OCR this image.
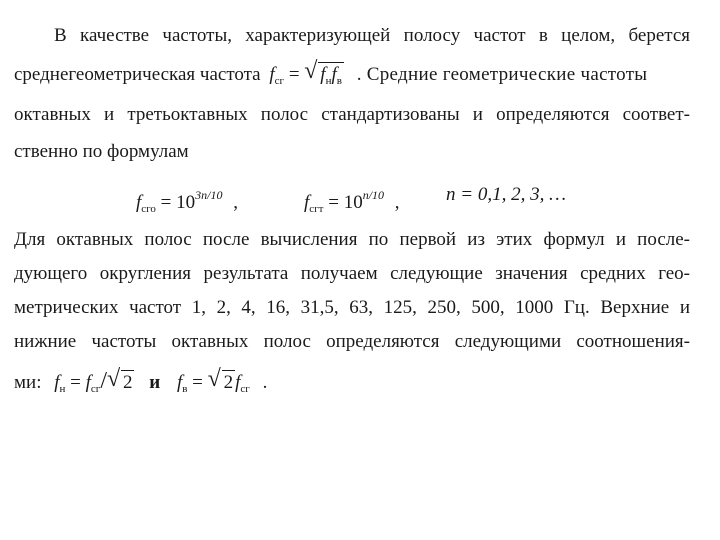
В качестве частоты, характеризующей полосу частот в целом, берется
среднегеометрическая частота $f_{сг}$ = √ $f_нf_в$ . Средние геометрические частоты
октавных и третьоктавных полос стандартизованы и определяются соответ-
ственно по формулам
$f_{сго} = 10^{3n/10}$ ,	$f_{сгт} = 10^{n/10}$ , n = 0,1, 2, 3, …
Для октавных полос после вычисления по первой из этих формул и после-
дующего округления результата получаем следующие значения средних гео-
метрических частот 1, 2, 4, 16, 31,5, 63, 125, 250, 500, 1000 Гц. Верхние и
нижние частоты октавных полос определяются следующими соотношения-
ми: $f_н = f_{сг}/$ √ 2 и $f_в$ = √ 2 $f_{сг}$ .
